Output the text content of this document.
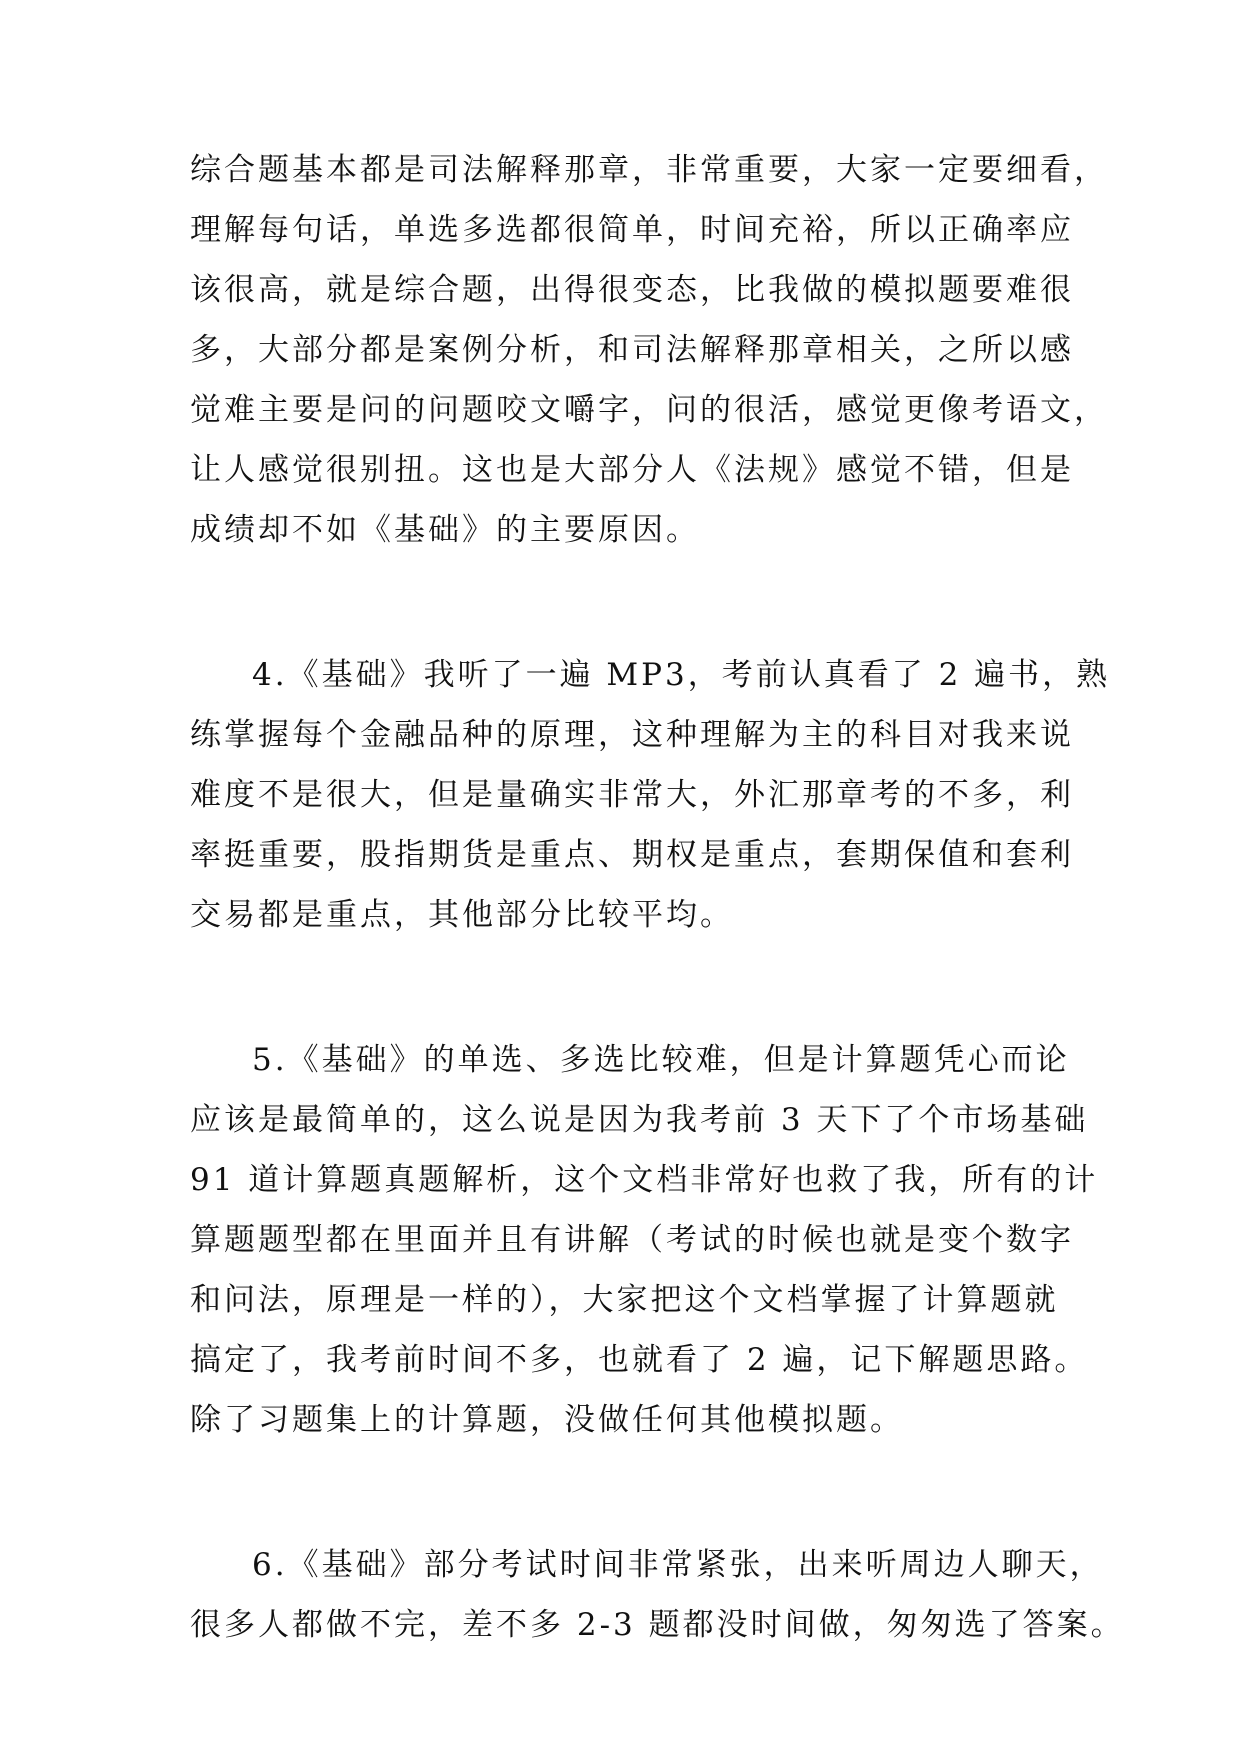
综合题基本都是司法解释那章，非常重要，大家一定要细看，
理解每句话，单选多选都很简单，时间充裕，所以正确率应
该很高，就是综合题，出得很变态，比我做的模拟题要难很
多，大部分都是案例分析，和司法解释那章相关，之所以感
觉难主要是问的问题咬文嚼字，问的很活，感觉更像考语文，
让人感觉很别扭。这也是大部分人《法规》感觉不错，但是
成绩却不如《基础》的主要原因。
4.《基础》我听了一遍 MP3，考前认真看了 2 遍书，熟
练掌握每个金融品种的原理，这种理解为主的科目对我来说
难度不是很大，但是量确实非常大，外汇那章考的不多，利
率挺重要，股指期货是重点、期权是重点，套期保值和套利
交易都是重点，其他部分比较平均。
5.《基础》的单选、多选比较难，但是计算题凭心而论
应该是最简单的，这么说是因为我考前 3 天下了个市场基础
91 道计算题真题解析，这个文档非常好也救了我，所有的计
算题题型都在里面并且有讲解（考试的时候也就是变个数字
和问法，原理是一样的），大家把这个文档掌握了计算题就
搞定了，我考前时间不多，也就看了 2 遍，记下解题思路。
除了习题集上的计算题，没做任何其他模拟题。
6.《基础》部分考试时间非常紧张，出来听周边人聊天，
很多人都做不完，差不多 2-3 题都没时间做，匆匆选了答案。
